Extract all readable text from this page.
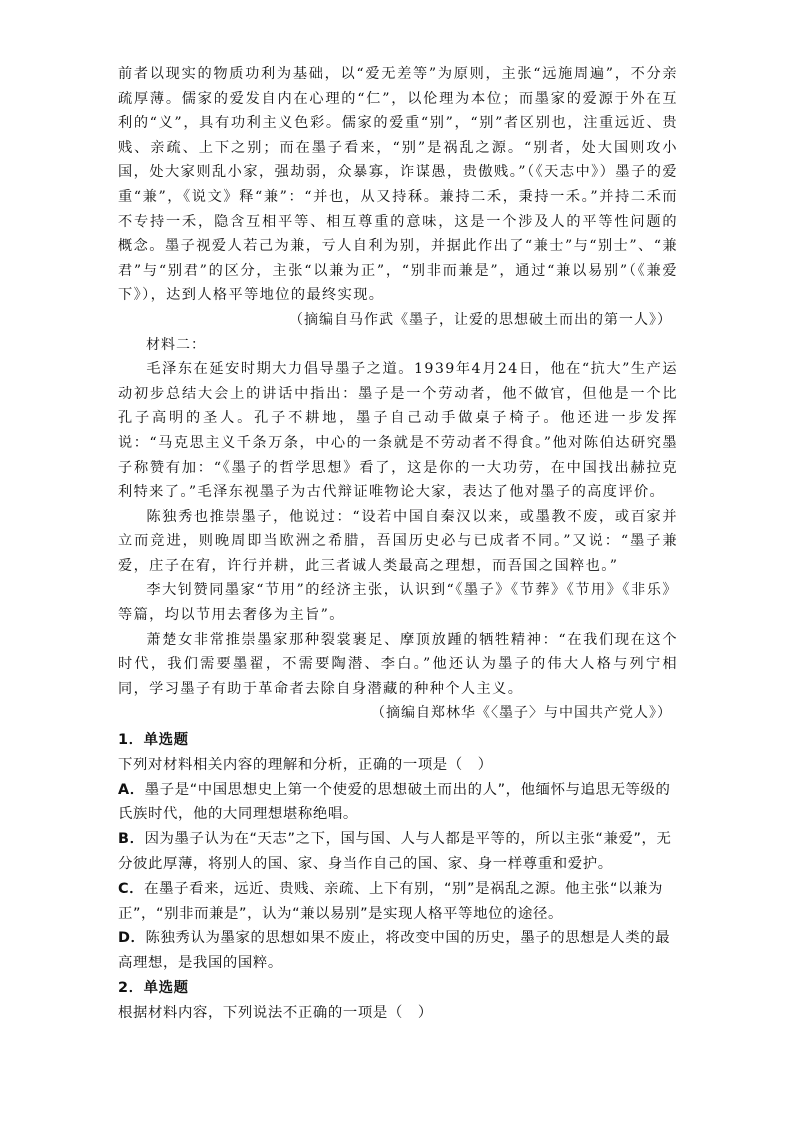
前者以现实的物质功利为基础，以“爱无差等”为原则，主张“远施周遍”，不分亲疏厚薄。儒家的爱发自内在心理的“仁”，以伦理为本位；而墨家的爱源于外在互利的“义”，具有功利主义色彩。儒家的爱重“别”，“别”者区别也，注重远近、贵贱、亲疏、上下之别；而在墨子看来，“别”是祸乱之源。“别者，处大国则攻小国，处大家则乱小家，强劫弱，众暴寡，诈谋愚，贵傲贱。”（《天志中》）墨子的爱重“兼”，《说文》释“兼”：“并也，从又持秝。兼持二禾，秉持一禾。”并持二禾而不专持一禾，隐含互相平等、相互尊重的意味，这是一个涉及人的平等性问题的概念。墨子视爱人若己为兼，亏人自利为别，并据此作出了“兼士”与“别士”、“兼君”与“别君”的区分，主张“以兼为正”，“别非而兼是”，通过“兼以易别”（《兼爱下》），达到人格平等地位的最终实现。

（摘编自马作武《墨子，让爱的思想破土而出的第一人》）

材料二：

毛泽东在延安时期大力倡导墨子之道。1939年4月24日，他在“抗大”生产运动初步总结大会上的讲话中指出：墨子是一个劳动者，他不做官，但他是一个比孔子高明的圣人。孔子不耕地，墨子自己动手做桌子椅子。他还进一步发挥说：“马克思主义千条万条，中心的一条就是不劳动者不得食。”他对陈伯达研究墨子称赞有加：“《墨子的哲学思想》看了，这是你的一大功劳，在中国找出赫拉克利特来了。”毛泽东视墨子为古代辩证唯物论大家，表达了他对墨子的高度评价。

陈独秀也推崇墨子，他说过：“设若中国自秦汉以来，或墨教不废，或百家并立而竞进，则晚周即当欧洲之希腊，吾国历史必与已成者不同。”又说：“墨子兼爱，庄子在宥，许行并耕，此三者诚人类最高之理想，而吾国之国粹也。”

李大钊赞同墨家“节用”的经济主张，认识到“《墨子》《节葬》《节用》《非乐》等篇，均以节用去奢侈为主旨”。

萧楚女非常推崇墨家那种裂裳裹足、摩顶放踵的牺牲精神：“在我们现在这个时代，我们需要墨翟，不需要陶潜、李白。”他还认为墨子的伟大人格与列宁相同，学习墨子有助于革命者去除自身潜藏的种种个人主义。

（摘编自郑林华《〈墨子〉与中国共产党人》）

1．单选题

下列对材料相关内容的理解和分析，正确的一项是（　）

A．墨子是“中国思想史上第一个使爱的思想破土而出的人”，他缅怀与追思无等级的氏族时代，他的大同理想堪称绝唱。

B．因为墨子认为在“天志”之下，国与国、人与人都是平等的，所以主张“兼爱”，无分彼此厚薄，将别人的国、家、身当作自己的国、家、身一样尊重和爱护。

C．在墨子看来，远近、贵贱、亲疏、上下有别，“别”是祸乱之源。他主张“以兼为正”，“别非而兼是”，认为“兼以易别”是实现人格平等地位的途径。

D．陈独秀认为墨家的思想如果不废止，将改变中国的历史，墨子的思想是人类的最高理想，是我国的国粹。

2．单选题

根据材料内容，下列说法不正确的一项是（　）
